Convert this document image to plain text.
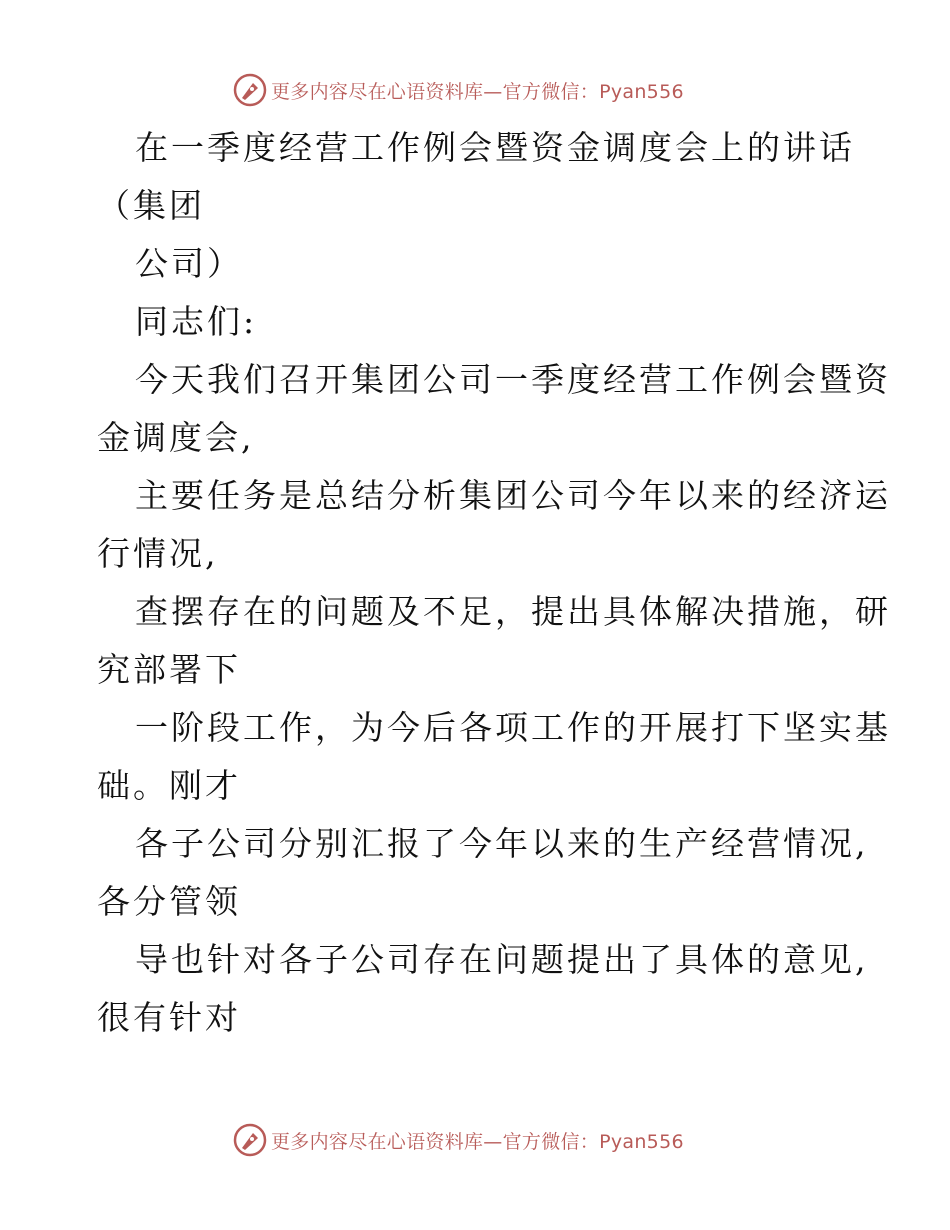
更多内容尽在心语资料库—官方微信：Pyan556
在一季度经营工作例会暨资金调度会上的讲话
（集团
公司）
同志们:
今天我们召开集团公司一季度经营工作例会暨资
金调度会,
主要任务是总结分析集团公司今年以来的经济运
行情况,
查摆存在的问题及不足，提出具体解决措施，研
究部署下
一阶段工作，为今后各项工作的开展打下坚实基
础。刚才
各子公司分别汇报了今年以来的生产经营情况,
各分管领
导也针对各子公司存在问题提出了具体的意见,
很有针对
更多内容尽在心语资料库—官方微信：Pyan556
